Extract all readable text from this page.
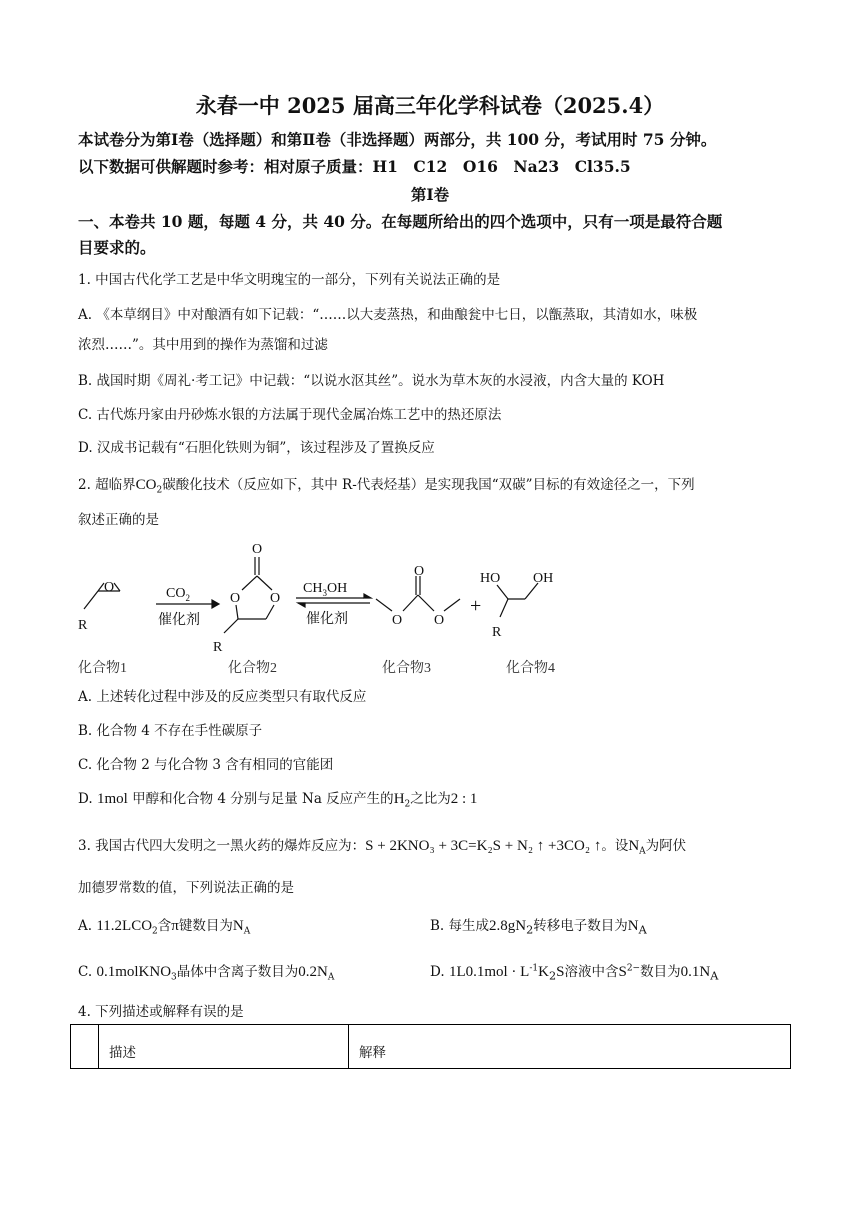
永春一中 2025 届高三年化学科试卷（2025.4）
本试卷分为第Ⅰ卷（选择题）和第Ⅱ卷（非选择题）两部分，共 100 分，考试用时 75 分钟。
以下数据可供解题时参考：相对原子质量：H1　C12　O16　Na23　Cl35.5
第Ⅰ卷
一、本卷共 10 题，每题 4 分，共 40 分。在每题所给出的四个选项中，只有一项是最符合题
目要求的。
1. 中国古代化学工艺是中华文明瑰宝的一部分，下列有关说法正确的是
A. 《本草纲目》中对酿酒有如下记载：“……以大麦蒸热，和曲酿瓮中七日，以甑蒸取，其清如水，味极
浓烈……”。其中用到的操作为蒸馏和过滤
B. 战国时期《周礼·考工记》中记载：“以说水沤其丝”。说水为草木灰的水浸液，内含大量的 KOH
C. 古代炼丹家由丹砂炼水银的方法属于现代金属冶炼工艺中的热还原法
D. 汉成书记载有“石胆化铁则为铜”，该过程涉及了置换反应
2. 超临界$CO_2$碳酸化技术（反应如下，其中 R-代表烃基）是实现我国“双碳”目标的有效途径之一，下列
叙述正确的是
O
R
$CO_2$
催化剂
O
O O
R
$CH_3OH$
催化剂
O
O O
+
HO OH
R
化合物1	化合物2	化合物3	化合物4
A. 上述转化过程中涉及的反应类型只有取代反应
B. 化合物 4 不存在手性碳原子
C. 化合物 2 与化合物 3 含有相同的官能团
D. 1mol 甲醇和化合物 4 分别与足量 Na 反应产生的$H_2$之比为2 : 1
3. 我国古代四大发明之一黑火药的爆炸反应为：S + 2KNO₃ + 3C=K₂S + N₂ ↑ +3CO₂ ↑。设$N_A$为阿伏
加德罗常数的值，下列说法正确的是
A. $11.2LCO_2$含π键数目为$N_A$	B. 每生成$2.8gN_2$转移电子数目为$N_A$
C. 0.1molKNO$_3$晶体中含离子数目为$0.2N_A$	D. $1L0.1mol \cdot L^{-1}K_2S$溶液中含$S^{2-}$数目为$0.1N_A$
4. 下列描述或解释有误的是
描述	解释
